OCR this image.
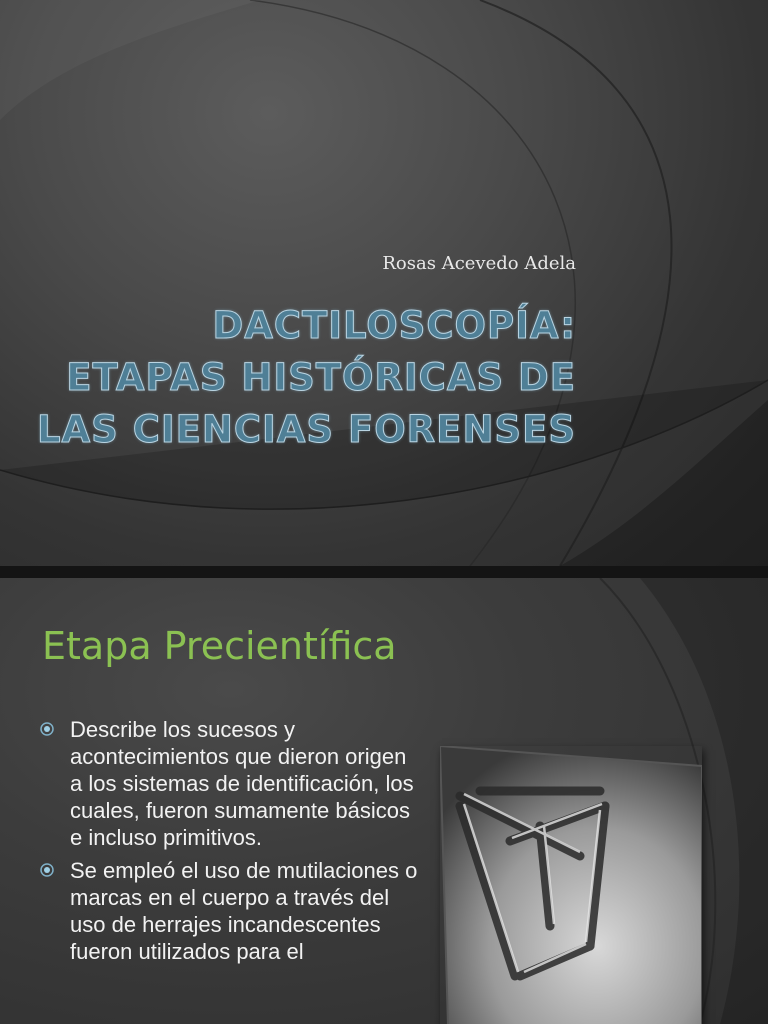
Rosas Acevedo Adela
DACTILOSCOPÍA:
ETAPAS HISTÓRICAS DE
LAS CIENCIAS FORENSES
Etapa Precientífica
Describe los sucesos y acontecimientos que dieron origen a los sistemas de identificación, los cuales, fueron sumamente básicos e incluso primitivos.
Se empleó el uso de mutilaciones o marcas en el cuerpo a través del uso de herrajes incandescentes fueron utilizados para el
